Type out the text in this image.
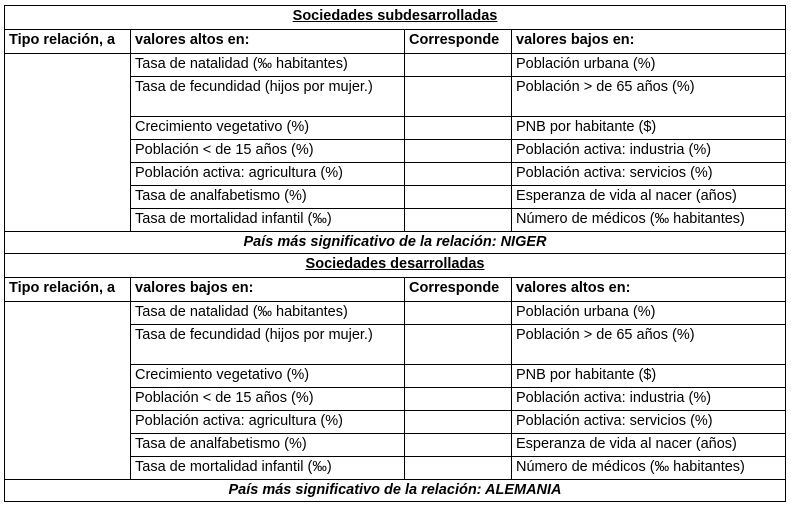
Sociedades subdesarrolladas			
Tipo relación, a	valores altos en:	Corresponde	valores bajos en:
	Tasa de natalidad (‰ habitantes)		Población urbana (%)
	Tasa de fecundidad (hijos por mujer.)		Población > de 65 años (%)
	Crecimiento vegetativo (%)		PNB por habitante ($)
	Población < de 15 años (%)		Población activa: industria (%)
	Población activa: agricultura (%)		Población activa: servicios (%)
	Tasa de analfabetismo (%)		Esperanza de vida al nacer (años)
	Tasa de mortalidad infantil (‰)		Número de médicos (‰ habitantes)
País más significativo de la relación: NIGER			
Sociedades desarrolladas			
Tipo relación, a	valores bajos en:	Corresponde	valores altos en:
	Tasa de natalidad (‰ habitantes)		Población urbana (%)
	Tasa de fecundidad (hijos por mujer.)		Población > de 65 años (%)
	Crecimiento vegetativo (%)		PNB por habitante ($)
	Población < de 15 años (%)		Población activa: industria (%)
	Población activa: agricultura (%)		Población activa: servicios (%)
	Tasa de analfabetismo (%)		Esperanza de vida al nacer (años)
	Tasa de mortalidad infantil (‰)		Número de médicos (‰ habitantes)
País más significativo de la relación: ALEMANIA			
